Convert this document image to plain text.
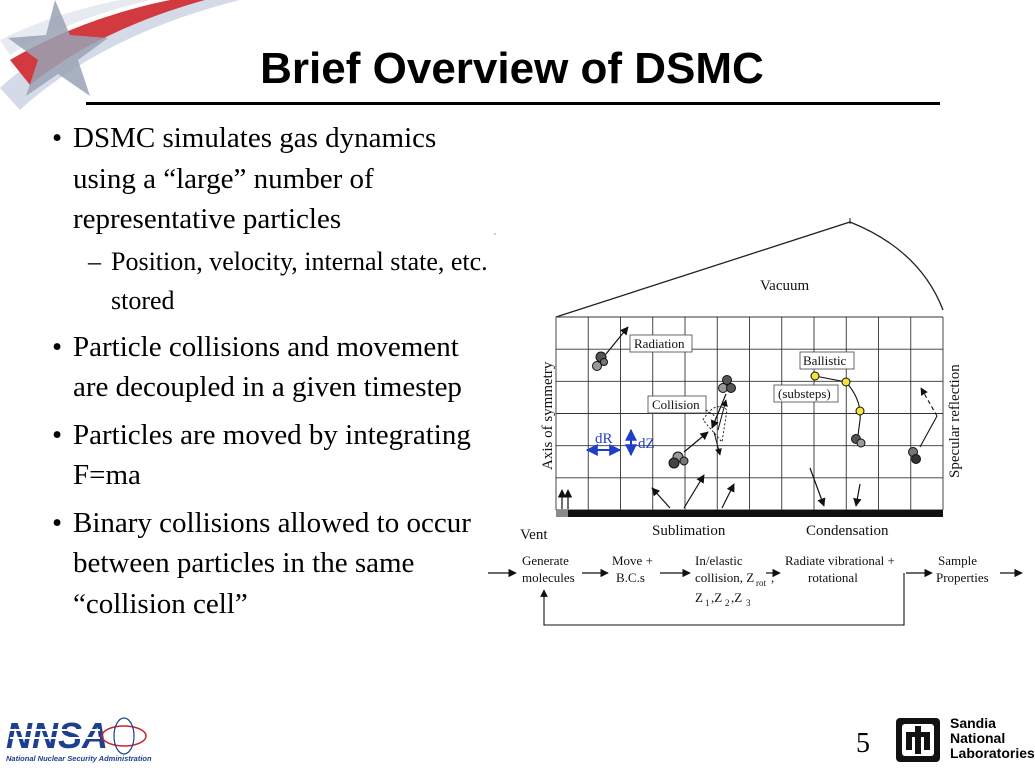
Brief Overview of DSMC
• DSMC simulates gas dynamics using a “large” number of representative particles
– Position, velocity, internal state, etc. stored
• Particle collisions and movement are decoupled in a given timestep
• Particles are moved by integrating F=ma
• Binary collisions allowed to occur between particles in the same “collision cell”
Vacuum
Axis of symmetry	Specular reflection
Radiation
Ballistic
(substeps)
Collision
dR dZ
Vent	Sublimation	Condensation
Generate
molecules
Move +
B.C.s
In/elastic
collision, Z rot ,
Z 1 ,Z 2 ,Z 3
Radiate vibrational +
rotational
Sample
Properties
NNSA
National Nuclear Security Administration	5
Sandia
National
Laboratories
